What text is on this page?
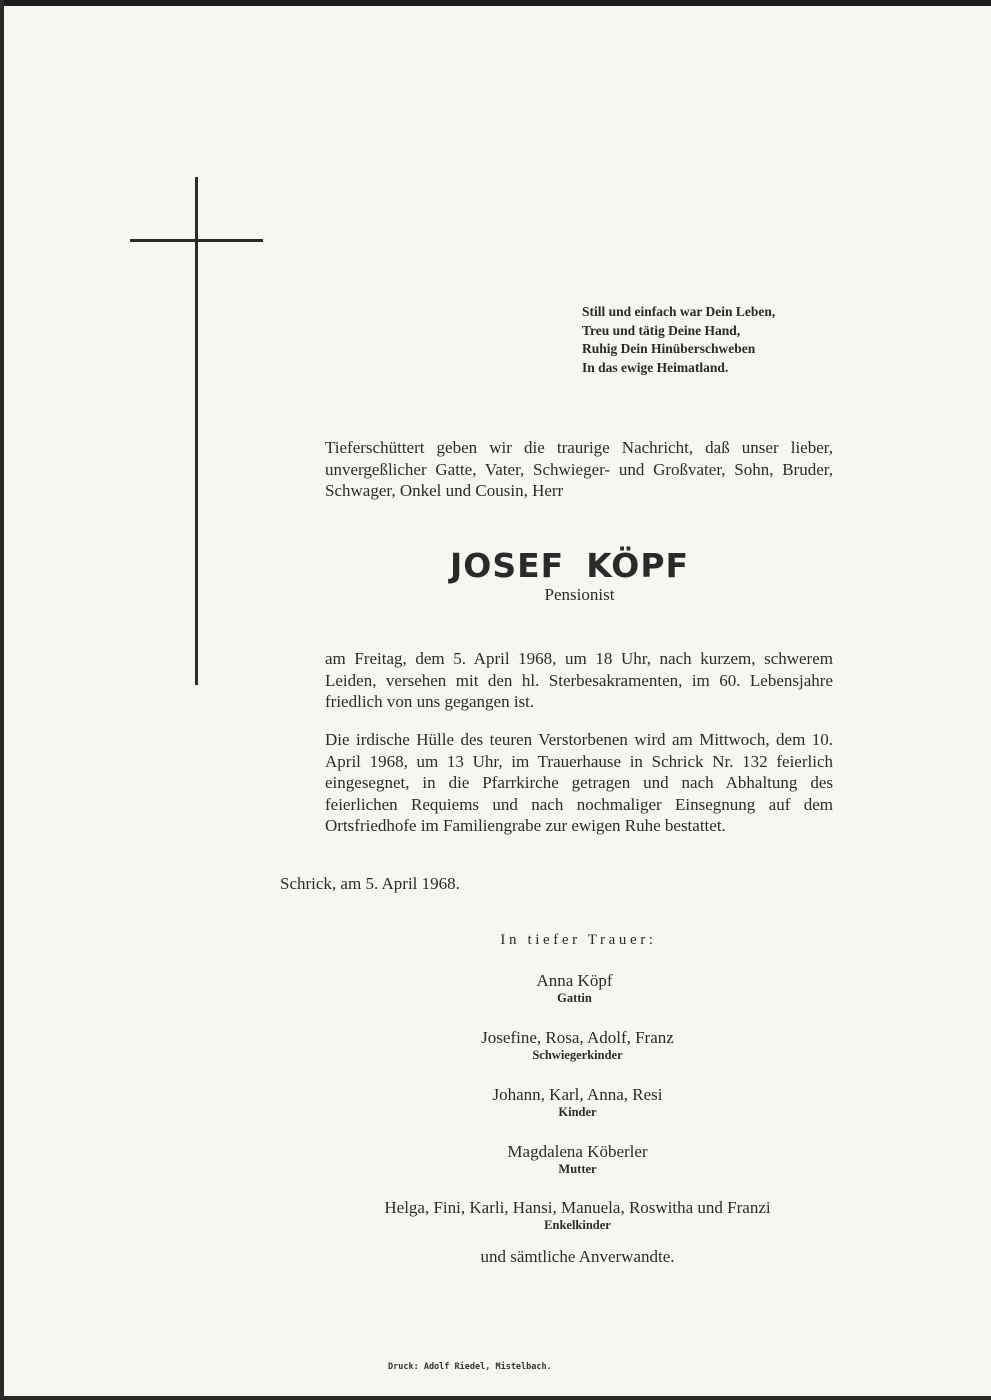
Still und einfach war Dein Leben,
Treu und tätig Deine Hand,
Ruhig Dein Hinüberschweben
In das ewige Heimatland.
Tieferschüttert geben wir die traurige Nachricht, daß unser lieber, unvergeßlicher Gatte, Vater, Schwieger- und Großvater, Sohn, Bruder, Schwager, Onkel und Cousin, Herr
JOSEF KÖPF
Pensionist
am Freitag, dem 5. April 1968, um 18 Uhr, nach kurzem, schwerem Leiden, versehen mit den hl. Sterbesakramenten, im 60. Lebensjahre friedlich von uns gegangen ist.
Die irdische Hülle des teuren Verstorbenen wird am Mittwoch, dem 10. April 1968, um 13 Uhr, im Trauerhause in Schrick Nr. 132 feierlich eingesegnet, in die Pfarrkirche getragen und nach Abhaltung des feierlichen Requiems und nach nochmaliger Einsegnung auf dem Ortsfriedhofe im Familiengrabe zur ewigen Ruhe bestattet.
Schrick, am 5. April 1968.
In tiefer Trauer:
Anna Köpf
Gattin
Josefine, Rosa, Adolf, Franz
Schwiegerkinder
Johann, Karl, Anna, Resi
Kinder
Magdalena Köberler
Mutter
Helga, Fini, Karli, Hansi, Manuela, Roswitha und Franzi
Enkelkinder
und sämtliche Anverwandte.
Druck: Adolf Riedel, Mistelbach.
